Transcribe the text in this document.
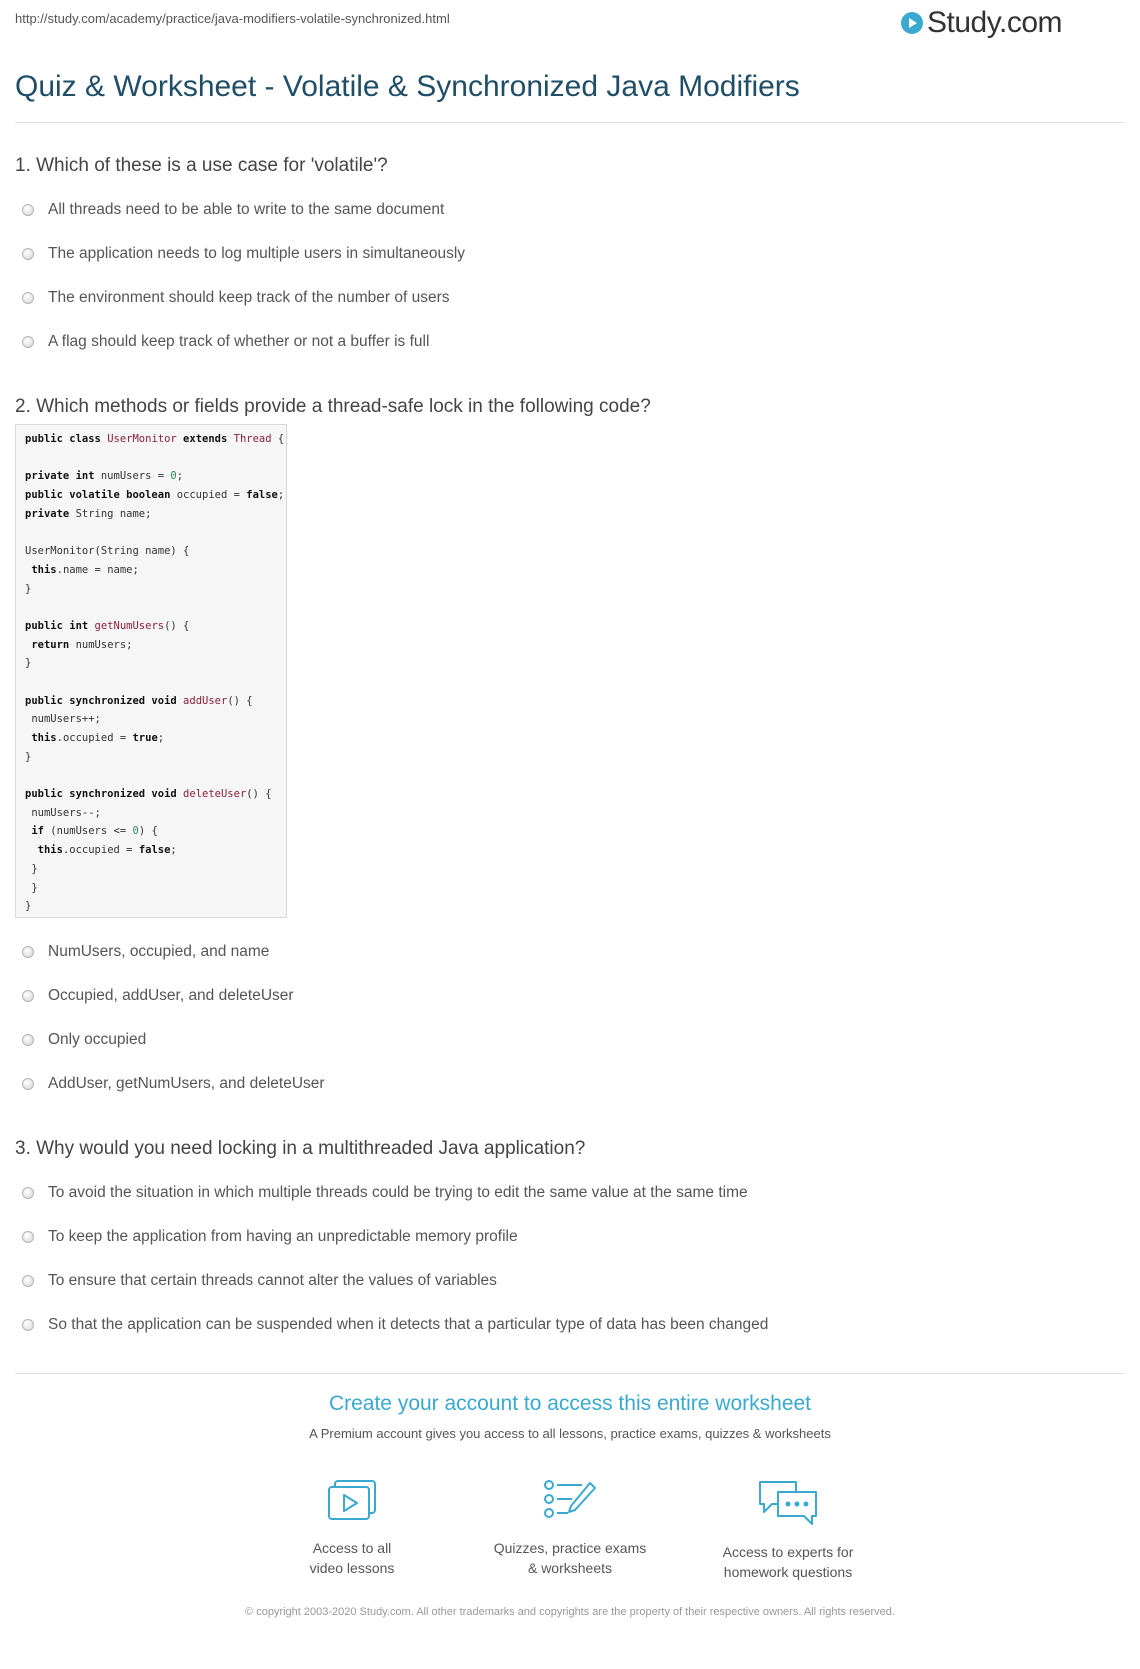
http://study.com/academy/practice/java-modifiers-volatile-synchronized.html	Study.com
Quiz & Worksheet - Volatile & Synchronized Java Modifiers
1. Which of these is a use case for 'volatile'?
All threads need to be able to write to the same document
The application needs to log multiple users in simultaneously
The environment should keep track of the number of users
A flag should keep track of whether or not a buffer is full
2. Which methods or fields provide a thread-safe lock in the following code?
public class UserMonitor extends Thread {

private int numUsers = 0;
public volatile boolean occupied = false;
private String name;

UserMonitor(String name) {
this.name = name;
}

public int getNumUsers() {
return numUsers;
}

public synchronized void addUser() {
numUsers++;
this.occupied = true;
}

public synchronized void deleteUser() {
numUsers--;
if (numUsers <= 0) {
this.occupied = false;
}
}
}
NumUsers, occupied, and name
Occupied, addUser, and deleteUser
Only occupied
AddUser, getNumUsers, and deleteUser
3. Why would you need locking in a multithreaded Java application?
To avoid the situation in which multiple threads could be trying to edit the same value at the same time
To keep the application from having an unpredictable memory profile
To ensure that certain threads cannot alter the values of variables
So that the application can be suspended when it detects that a particular type of data has been changed
Create your account to access this entire worksheet
A Premium account gives you access to all lessons, practice exams, quizzes & worksheets
Access to all
video lessons
Quizzes, practice exams
& worksheets
Access to experts for
homework questions
© copyright 2003-2020 Study.com. All other trademarks and copyrights are the property of their respective owners. All rights reserved.
